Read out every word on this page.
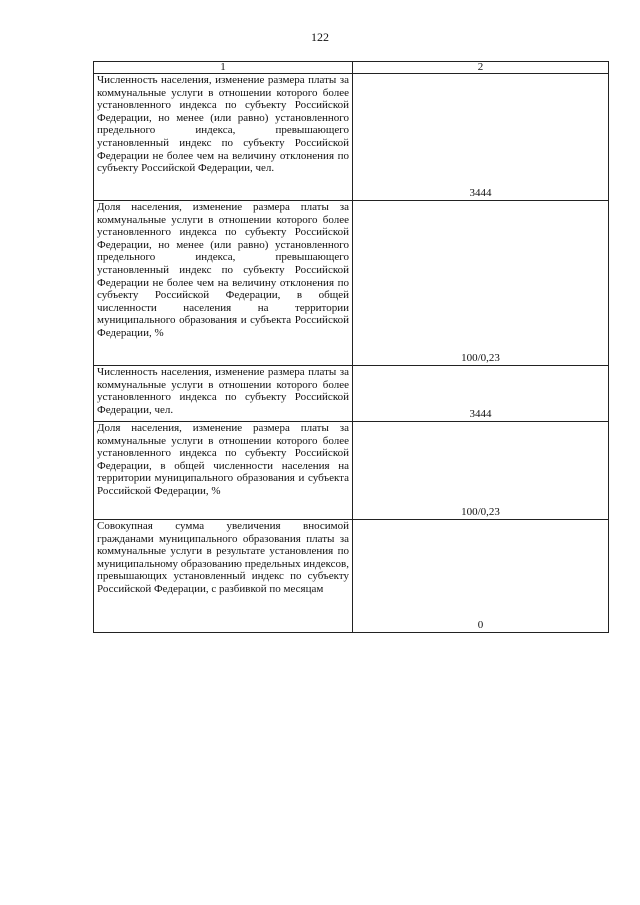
122
1	2
Численность населения, изменение размера платы за коммунальные услуги в отношении которого более установленного индекса по субъекту Российской Федерации, но менее (или равно) установленного предельного индекса, превышающего установленный индекс по субъекту Российской Федерации не более чем на величину отклонения по субъекту Российской Федерации, чел.	3444
Доля населения, изменение размера платы за коммунальные услуги в отношении которого более установленного индекса по субъекту Российской Федерации, но менее (или равно) установленного предельного индекса, превышающего установленный индекс по субъекту Российской Федерации не более чем на величину отклонения по субъекту Российской Федерации, в общей численности населения на территории муниципального образования и субъекта Российской Федерации, %	100/0,23
Численность населения, изменение размера платы за коммунальные услуги в отношении которого более установленного индекса по субъекту Российской Федерации, чел.	3444
Доля населения, изменение размера платы за коммунальные услуги в отношении которого более установленного индекса по субъекту Российской Федерации, в общей численности населения на территории муниципального образования и субъекта Российской Федерации, %	100/0,23
Совокупная сумма увеличения вносимой гражданами муниципального образования платы за коммунальные услуги в результате установления по муниципальному образованию предельных индексов, превышающих установленный индекс по субъекту Российской Федерации, с разбивкой по месяцам	0
